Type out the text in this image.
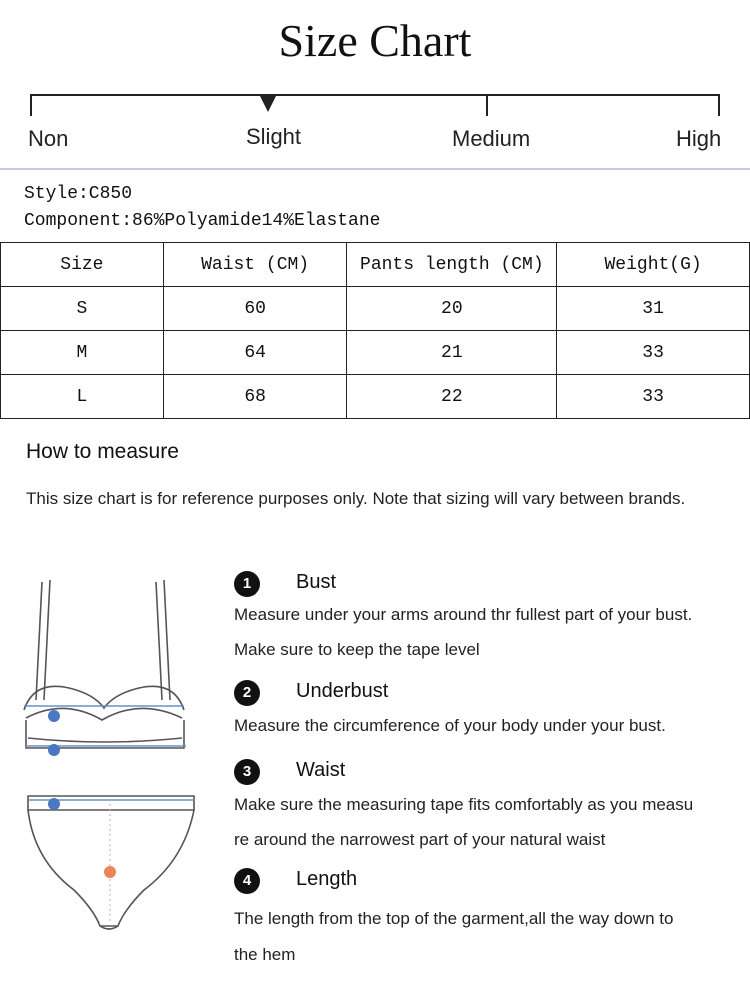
Size Chart
Non	Slight	Medium	High
Style:C850
Component:86%Polyamide14%Elastane
Size	Waist (CM)	Pants length (CM)	Weight(G)
S	60	20	31
M	64	21	33
L	68	22	33
How to measure
This size chart is for reference purposes only. Note that sizing will vary between brands.
1	Bust
Measure under your arms around thr fullest part of your bust.
Make sure to keep the tape level
2	Underbust
Measure the circumference of your body under your bust.
3	Waist
Make sure the measuring tape fits comfortably as you measu
re around the narrowest part of your natural waist
4	Length
The length from the top of the garment,all the way down to
the hem
